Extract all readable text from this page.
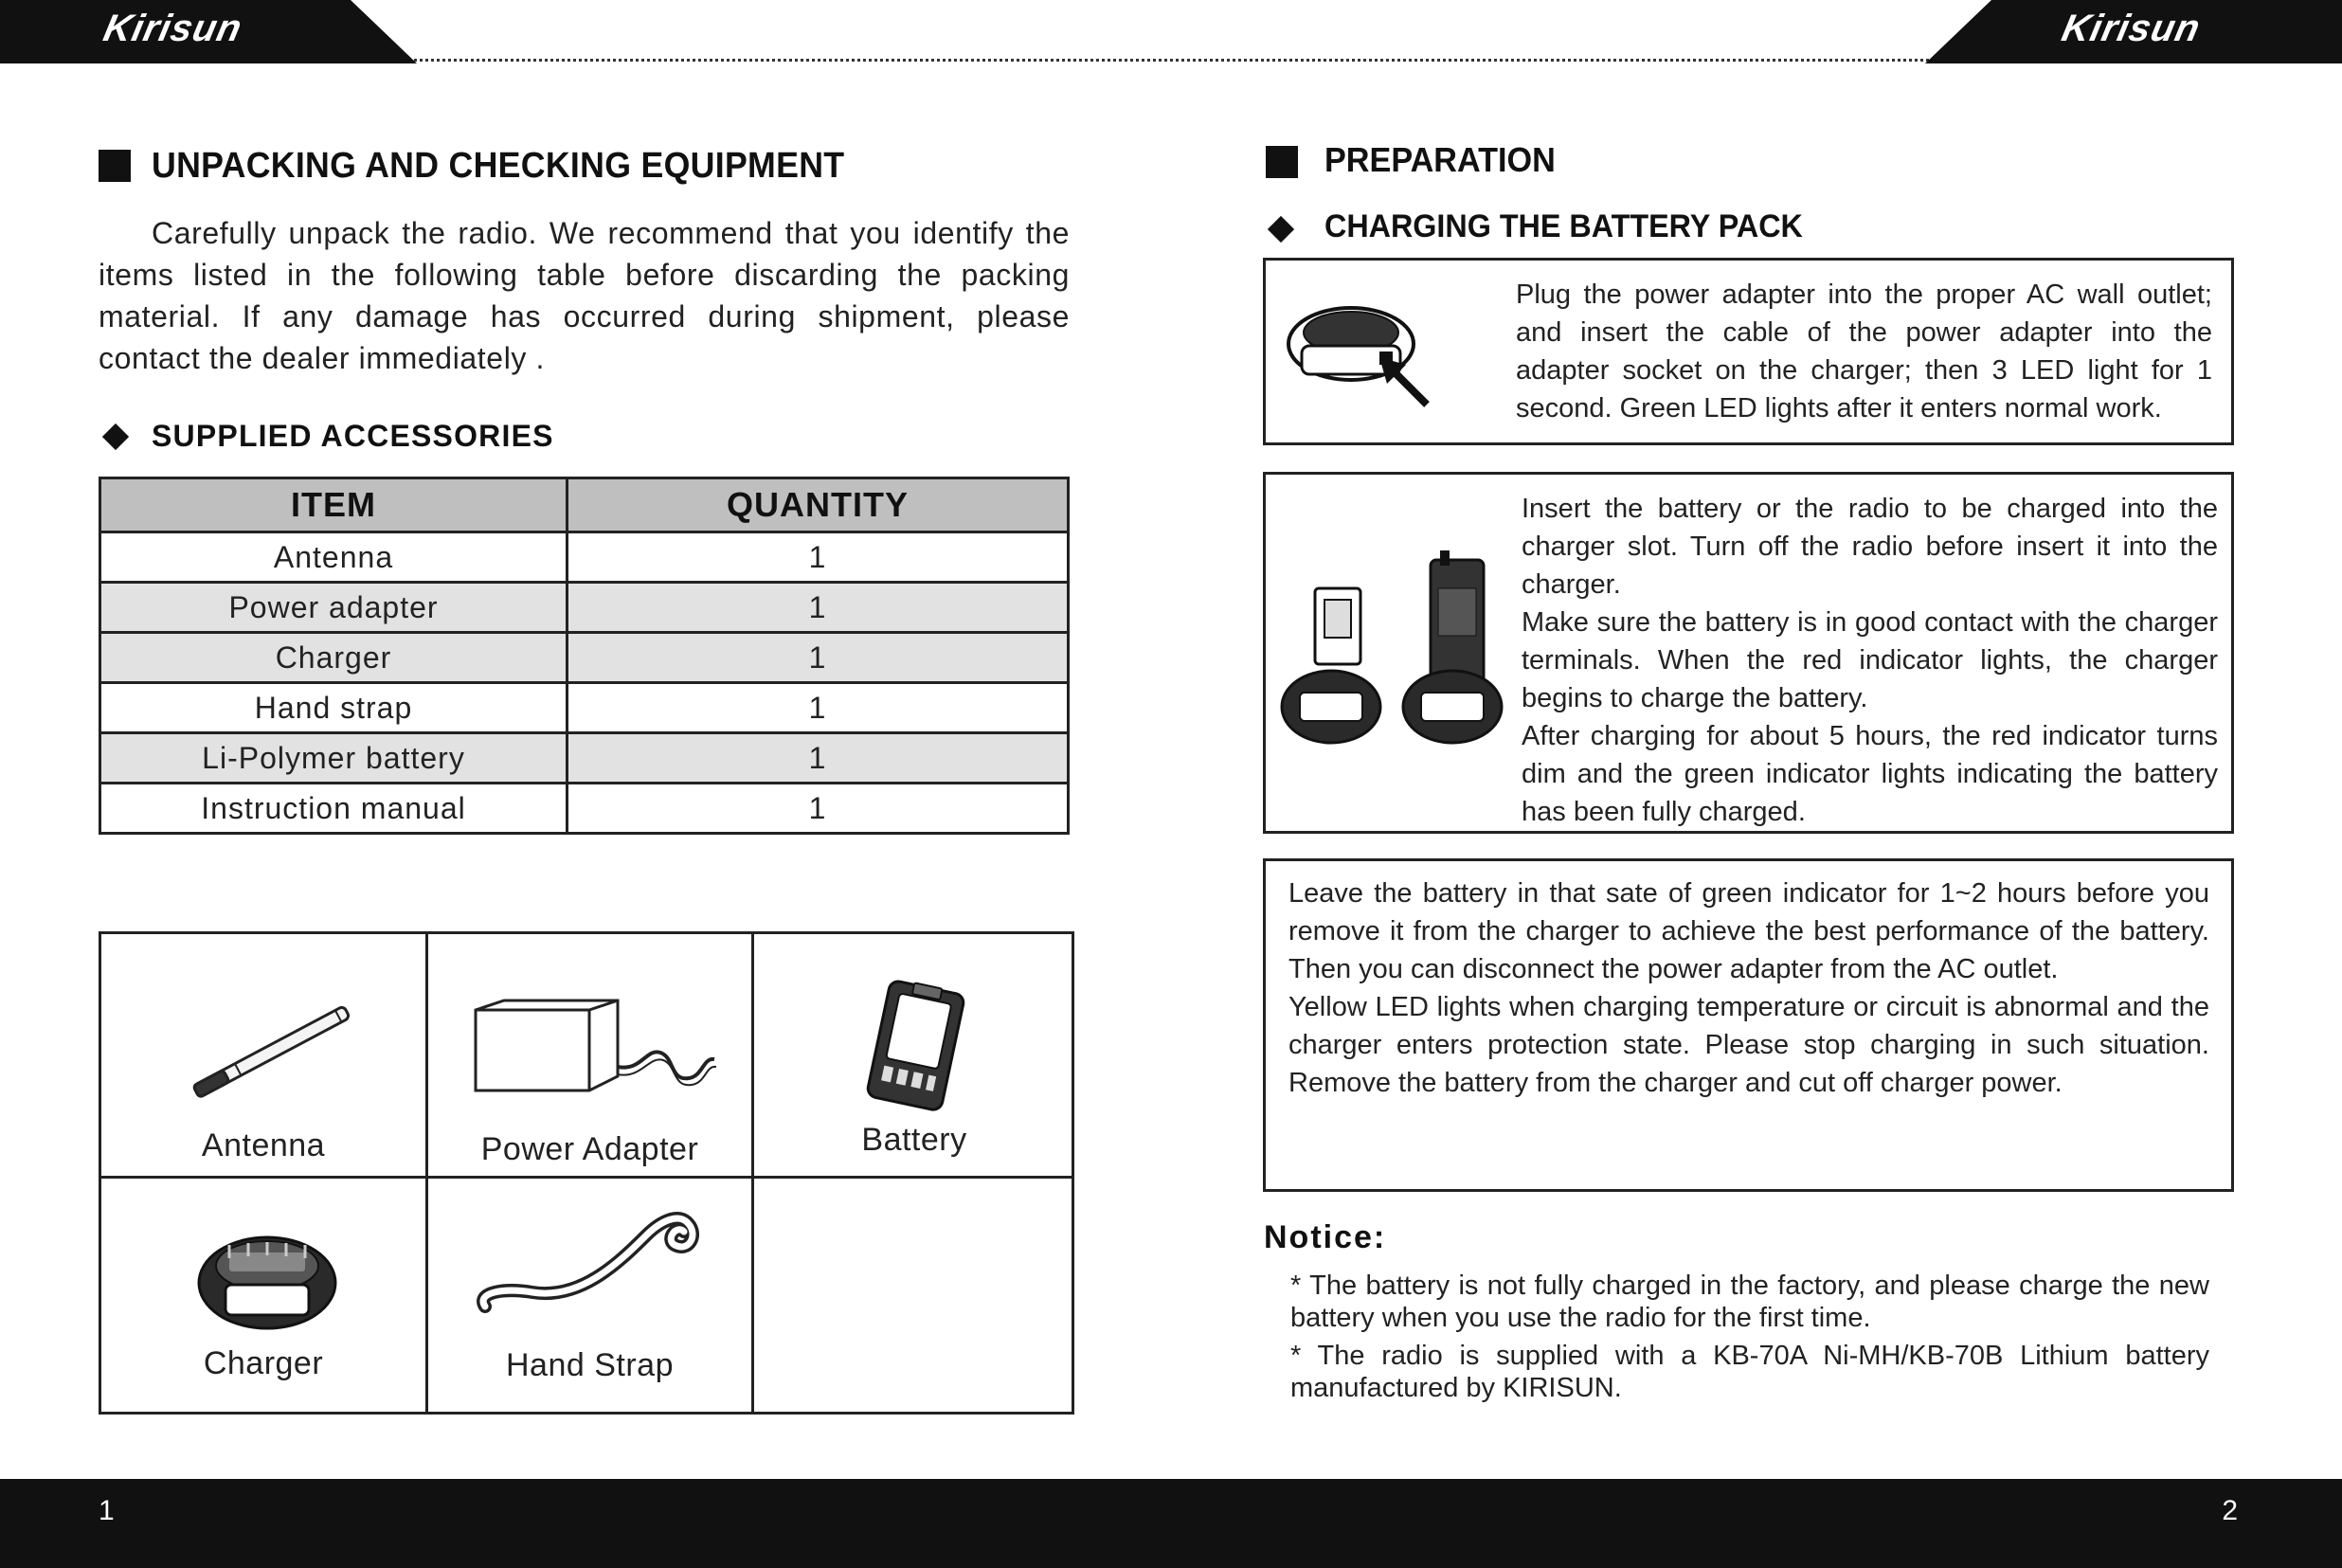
Kirisun	Kirisun
UNPACKING AND CHECKING EQUIPMENT
Carefully unpack the radio. We recommend that you identify the items listed in the following table before discarding the packing material. If any damage has occurred during shipment, please contact the dealer immediately .
SUPPLIED ACCESSORIES
ITEM	QUANTITY
Antenna	1
Power adapter	1
Charger	1
Hand strap	1
Li-Polymer battery	1
Instruction manual	1
Antenna	Power Adapter	Battery
Charger	Hand Strap
PREPARATION
CHARGING THE BATTERY PACK
Plug the power adapter into the proper AC wall outlet; and insert the cable of the power adapter into the adapter socket on the charger; then 3 LED light for 1 second. Green LED lights after it enters normal work.

Insert the battery or the radio to be charged into the charger slot. Turn off the radio before insert it into the charger.

Make sure the battery is in good contact with the charger terminals. When the red indicator lights, the charger begins to charge the battery.

After charging for about 5 hours, the red indicator turns dim and the green indicator lights indicating the battery has been fully charged.

Leave the battery in that sate of green indicator for 1~2 hours before you remove it from the charger to achieve the best performance of the battery. Then you can disconnect the power adapter from the AC outlet.

Yellow LED lights when charging temperature or circuit is abnormal and the charger enters protection state. Please stop charging in such situation. Remove the battery from the charger and cut off charger power.

Notice:

* The battery is not fully charged in the factory, and please charge the new battery when you use the radio for the first time.

* The radio is supplied with a KB-70A Ni-MH/KB-70B Lithium battery manufactured by KIRISUN.

1	2
